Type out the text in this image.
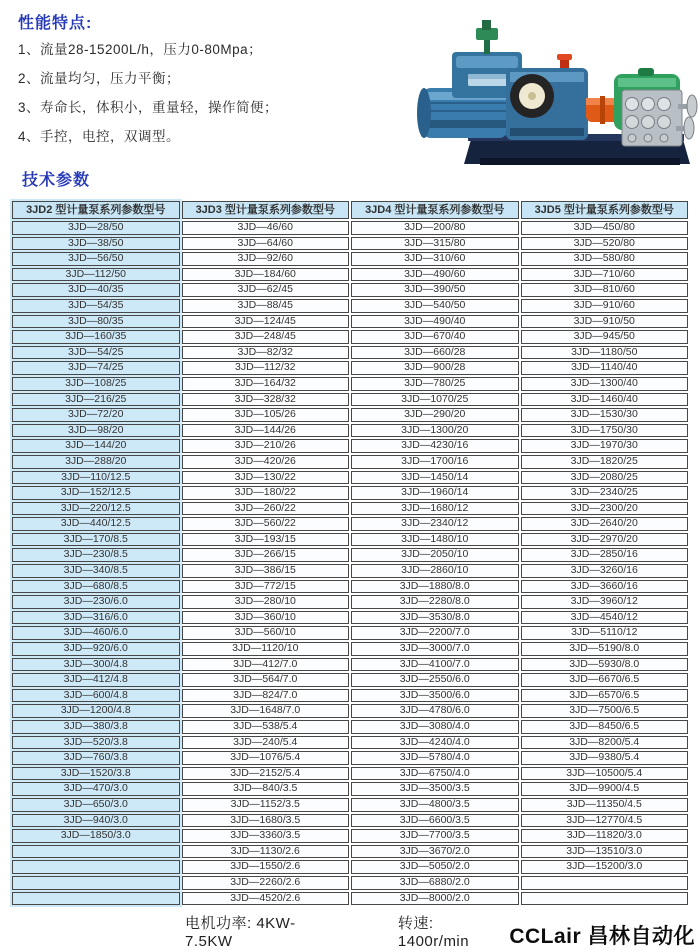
性能特点:
1、流量28-15200L/h，压力0-80Mpa；
2、流量均匀，压力平衡；
3、寿命长，体积小，重量轻，操作简便；
4、手控，电控，双调型。
技术参数
3JD2 型计量泵系列参数型号	3JD3 型计量泵系列参数型号	3JD4 型计量泵系列参数型号	3JD5 型计量泵系列参数型号
3JD—28/50	3JD—46/60	3JD—200/80	3JD—450/80
3JD—38/50	3JD—64/60	3JD—315/80	3JD—520/80
3JD—56/50	3JD—92/60	3JD—310/60	3JD—580/80
3JD—112/50	3JD—184/60	3JD—490/60	3JD—710/60
3JD—40/35	3JD—62/45	3JD—390/50	3JD—810/60
3JD—54/35	3JD—88/45	3JD—540/50	3JD—910/60
3JD—80/35	3JD—124/45	3JD—490/40	3JD—910/50
3JD—160/35	3JD—248/45	3JD—670/40	3JD—945/50
3JD—54/25	3JD—82/32	3JD—660/28	3JD—1180/50
3JD—74/25	3JD—112/32	3JD—900/28	3JD—1140/40
3JD—108/25	3JD—164/32	3JD—780/25	3JD—1300/40
3JD—216/25	3JD—328/32	3JD—1070/25	3JD—1460/40
3JD—72/20	3JD—105/26	3JD—290/20	3JD—1530/30
3JD—98/20	3JD—144/26	3JD—1300/20	3JD—1750/30
3JD—144/20	3JD—210/26	3JD—4230/16	3JD—1970/30
3JD—288/20	3JD—420/26	3JD—1700/16	3JD—1820/25
3JD—110/12.5	3JD—130/22	3JD—1450/14	3JD—2080/25
3JD—152/12.5	3JD—180/22	3JD—1960/14	3JD—2340/25
3JD—220/12.5	3JD—260/22	3JD—1680/12	3JD—2300/20
3JD—440/12.5	3JD—560/22	3JD—2340/12	3JD—2640/20
3JD—170/8.5	3JD—193/15	3JD—1480/10	3JD—2970/20
3JD—230/8.5	3JD—266/15	3JD—2050/10	3JD—2850/16
3JD—340/8.5	3JD—386/15	3JD—2860/10	3JD—3260/16
3JD—680/8.5	3JD—772/15	3JD—1880/8.0	3JD—3660/16
3JD—230/6.0	3JD—280/10	3JD—2280/8.0	3JD—3960/12
3JD—316/6.0	3JD—360/10	3JD—3530/8.0	3JD—4540/12
3JD—460/6.0	3JD—560/10	3JD—2200/7.0	3JD—5110/12
3JD—920/6.0	3JD—1120/10	3JD—3000/7.0	3JD—5190/8.0
3JD—300/4.8	3JD—412/7.0	3JD—4100/7.0	3JD—5930/8.0
3JD—412/4.8	3JD—564/7.0	3JD—2550/6.0	3JD—6670/6.5
3JD—600/4.8	3JD—824/7.0	3JD—3500/6.0	3JD—6570/6.5
3JD—1200/4.8	3JD—1648/7.0	3JD—4780/6.0	3JD—7500/6.5
3JD—380/3.8	3JD—538/5.4	3JD—3080/4.0	3JD—8450/6.5
3JD—520/3.8	3JD—240/5.4	3JD—4240/4.0	3JD—8200/5.4
3JD—760/3.8	3JD—1076/5.4	3JD—5780/4.0	3JD—9380/5.4
3JD—1520/3.8	3JD—2152/5.4	3JD—6750/4.0	3JD—10500/5.4
3JD—470/3.0	3JD—840/3.5	3JD—3500/3.5	3JD—9900/4.5
3JD—650/3.0	3JD—1152/3.5	3JD—4800/3.5	3JD—11350/4.5
3JD—940/3.0	3JD—1680/3.5	3JD—6600/3.5	3JD—12770/4.5
3JD—1850/3.0	3JD—3360/3.5	3JD—7700/3.5	3JD—11820/3.0
	3JD—1130/2.6	3JD—3670/2.0	3JD—13510/3.0
	3JD—1550/2.6	3JD—5050/2.0	3JD—15200/3.0
	3JD—2260/2.6	3JD—6880/2.0	
	3JD—4520/2.6	3JD—8000/2.0	
电机功率: 4KW-7.5KW
转速: 1400r/min	CCLair 昌林自动化
